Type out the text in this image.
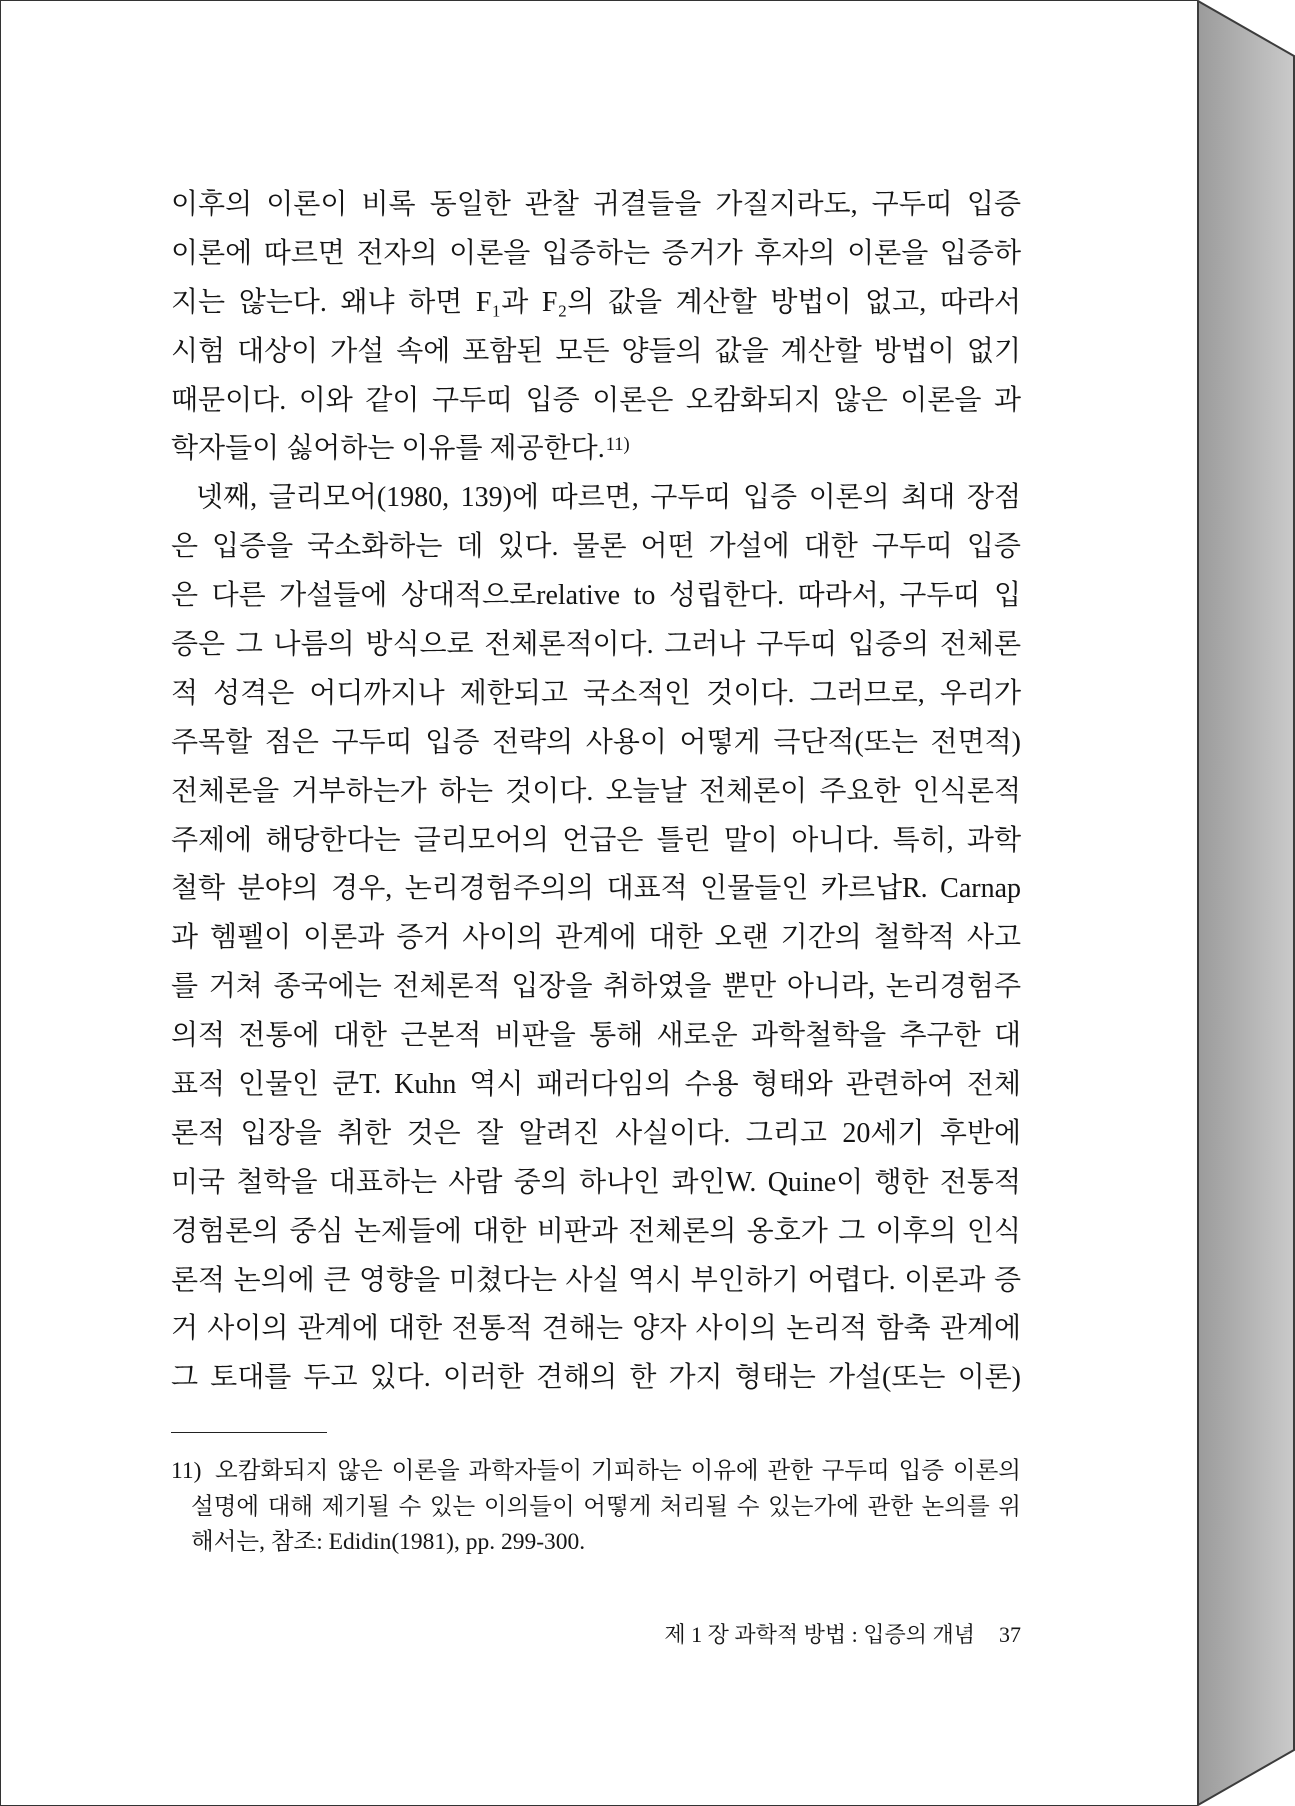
이후의 이론이 비록 동일한 관찰 귀결들을 가질지라도, 구두띠 입증
이론에 따르면 전자의 이론을 입증하는 증거가 후자의 이론을 입증하
지는 않는다. 왜냐 하면 F₁과 F₂의 값을 계산할 방법이 없고, 따라서
시험 대상이 가설 속에 포함된 모든 양들의 값을 계산할 방법이 없기
때문이다. 이와 같이 구두띠 입증 이론은 오캄화되지 않은 이론을 과
학자들이 싫어하는 이유를 제공한다.$^{11)}$
넷째, 글리모어(1980, 139)에 따르면, 구두띠 입증 이론의 최대 장점
은 입증을 국소화하는 데 있다. 물론 어떤 가설에 대한 구두띠 입증
은 다른 가설들에 상대적으로relative to 성립한다. 따라서, 구두띠 입
증은 그 나름의 방식으로 전체론적이다. 그러나 구두띠 입증의 전체론
적 성격은 어디까지나 제한되고 국소적인 것이다. 그러므로, 우리가
주목할 점은 구두띠 입증 전략의 사용이 어떻게 극단적(또는 전면적)
전체론을 거부하는가 하는 것이다. 오늘날 전체론이 주요한 인식론적
주제에 해당한다는 글리모어의 언급은 틀린 말이 아니다. 특히, 과학
철학 분야의 경우, 논리경험주의의 대표적 인물들인 카르납R. Carnap
과 헴펠이 이론과 증거 사이의 관계에 대한 오랜 기간의 철학적 사고
를 거쳐 종국에는 전체론적 입장을 취하였을 뿐만 아니라, 논리경험주
의적 전통에 대한 근본적 비판을 통해 새로운 과학철학을 추구한 대
표적 인물인 쿤T. Kuhn 역시 패러다임의 수용 형태와 관련하여 전체
론적 입장을 취한 것은 잘 알려진 사실이다. 그리고 20세기 후반에
미국 철학을 대표하는 사람 중의 하나인 콰인W. Quine이 행한 전통적
경험론의 중심 논제들에 대한 비판과 전체론의 옹호가 그 이후의 인식
론적 논의에 큰 영향을 미쳤다는 사실 역시 부인하기 어렵다. 이론과 증
거 사이의 관계에 대한 전통적 견해는 양자 사이의 논리적 함축 관계에
그 토대를 두고 있다. 이러한 견해의 한 가지 형태는 가설(또는 이론)
11) 오캄화되지 않은 이론을 과학자들이 기피하는 이유에 관한 구두띠 입증 이론의
설명에 대해 제기될 수 있는 이의들이 어떻게 처리될 수 있는가에 관한 논의를 위
해서는, 참조: Edidin(1981), pp. 299-300.
제 1 장 과학적 방법 : 입증의 개념 37
